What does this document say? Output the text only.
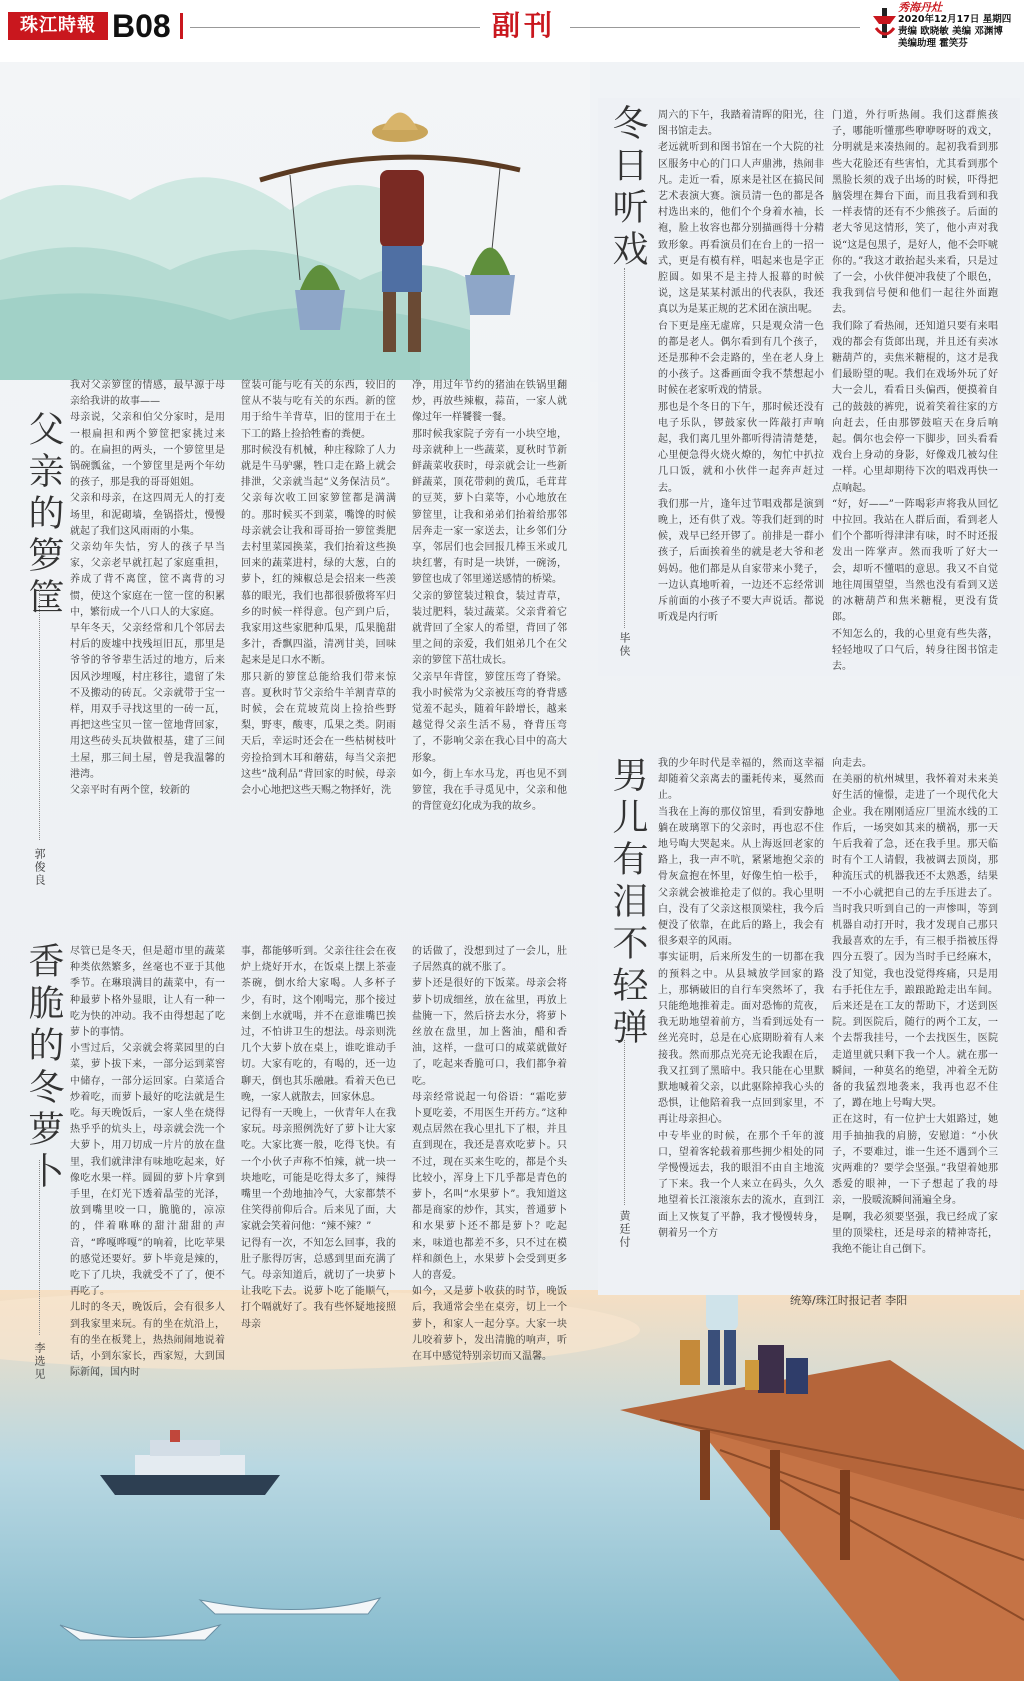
珠江時報 B08	副刊
秀海丹灶
2020年12月17日 星期四
责编 欧晓敏 美编 邓渊博
美编助理 霍笑芬
冬日听戏
毕侠
周六的下午，我踏着清晖的阳光，往图书馆走去。
老远就听到和图书馆在一个大院的社区服务中心的门口人声鼎沸，热闹非凡。走近一看，原来是社区在搞民间艺术表演大赛。演员清一色的都是各村选出来的，他们个个身着水袖，长袍，脸上妆容也都分别描画得十分精致形象。再看演员们在台上的一招一式，更是有模有样，唱起来也是字正腔圆。如果不是主持人报幕的时候说，这是某某村派出的代表队，我还真以为是某正规的艺术团在演出呢。
台下更是座无虚席，只是观众清一色的都是老人。偶尔看到有几个孩子，还是那种不会走路的，坐在老人身上的小孩子。这番画面令我不禁想起小时候在老家听戏的情景。
那也是个冬日的下午，那时候还没有电子乐队，锣鼓家伙一阵敲打声响起，我们离几里外都听得清清楚楚，心里便急得火烧火燎的，匆忙中扒拉几口饭，就和小伙伴一起奔声赶过去。
我们那一片，逢年过节唱戏都是演到晚上，还有供了戏。等我们赶到的时候，戏早已经开锣了。前排是一群小孩子，后面挨着坐的就是老大爷和老妈妈。他们都是从自家带来小凳子，一边认真地听着，一边还不忘经常训斥前面的小孩子不要大声说话。都说听戏是内行听
门道，外行听热闹。我们这群熊孩子，哪能听懂那些咿咿呀呀的戏文，分明就是来凑热闹的。起初我看到那些大花脸还有些害怕，尤其看到那个黑脸长须的戏子出场的时候，吓得把脑袋埋在舞台下面，而且我看到和我一样表情的还有不少熊孩子。后面的老大爷见这情形，笑了，他小声对我说“这是包黑子，是好人，他不会吓唬你的。”我这才敢抬起头来看，只是过了一会，小伙伴便冲我使了个眼色，我我到信号便和他们一起往外面跑去。
我们除了看热闹，还知道只要有来唱戏的都会有货郎出现，并且还有卖冰糖葫芦的，卖焦米糖棍的，这才是我们最盼望的呢。我们在戏场外玩了好大一会儿，看看日头偏西，便摸着自己的鼓鼓的裤兜，说着笑着往家的方向赶去，任由那锣鼓喧天在身后响起。偶尔也会停一下脚步，回头看看戏台上身动的身影，好像戏几被勾住一样。心里却期待下次的唱戏再快一点响起。
“好，好——”一阵喝彩声将我从回忆中拉回。我站在人群后面，看到老人们个个都听得津津有味，时不时还报发出一阵掌声。然而我听了好大一会，却听不懂唱的意思。我又不自觉地往周围望望，当然也没有看到又送的冰糖葫芦和焦米糖棍，更没有货郎。
不知怎么的，我的心里竟有些失落，轻轻地叹了口气后，转身往图书馆走去。
父亲的箩筐
郭俊良
我对父亲箩筐的情感，最早源于母亲给我讲的故事——
母亲说，父亲和伯父分家时，是用一根扁担和两个箩筐把家挑过来的。在扁担的两头，一个箩筐里是锅碗瓢盆，一个箩筐里是两个年幼的孩子，那是我的哥哥姐姐。
父亲和母亲，在这四周无人的打麦场里，和泥砌墙，垒锅搭灶，慢慢就起了我们这风雨雨的小集。
父亲幼年失怙，穷人的孩子早当家，父亲老早就扛起了家庭重担，养成了背不离筐，筐不离背的习惯，使这个家庭在一筐一筐的积累中，繁衍成一个八口人的大家庭。
早年冬天，父亲经常和几个邻居去村后的废墟中找残垣旧瓦，那里是爷爷的爷爷辈生活过的地方，后来因风沙埋嘎，村庄移往，遗留了朱不及搬动的砖瓦。父亲就带于宝一样，用双手寻找这里的一砖一瓦，再把这些宝贝一筐一筐地背回家，用这些砖头瓦块做根基，建了三间土屋，那三间土屋，曾是我温馨的港湾。
父亲平时有两个筐，较新的
筐装可能与吃有关的东西，较旧的筐从不装与吃有关的东西。新的筐用于给牛羊背草，旧的筐用于在土下工的路上捡拾牲畜的粪便。
那时候没有机械，种庄稼除了人力就是牛马驴骡，牲口走在路上就会排泄，父亲就当起“义务保洁员”。父亲每次收工回家箩筐都是满满的。那时候买不到菜，嘴馋的时候母亲就会让我和哥哥抬一箩筐粪肥去村里菜园换菜，我们抬着这些换回来的蔬菜进村，绿的大葱，白的萝卜，红的辣椒总是会招来一些羡慕的眼光，我们也都很骄傲将军归乡的时候一样得意。包产到户后，我家用这些家肥种瓜果，瓜果脆甜多汁，香飘四溢，清冽甘美，回味起来是足口水不断。
那只新的箩筐总能给我们带来惊喜。夏秋时节父亲给牛羊割青草的时候，会在荒坡荒岗上捡拾些野梨，野枣，酸枣，瓜果之类。阴雨天后，幸运时还会在一些枯树枝叶旁捡拾到木耳和蘑菇，每当父亲把这些“战利品”背回家的时候，母亲会小心地把这些天赐之物择好，洗
净，用过年节约的猪油在铁锅里翻炒，再放些辣椒，蒜苗，一家人就像过年一样饕餮一餐。
那时候我家院子旁有一小块空地，母亲就种上一些蔬菜，夏秋时节新鲜蔬菜收获时，母亲就会让一些新鲜蔬菜，顶花带刺的黄瓜，毛茸茸的豆荚，萝卜白菜等，小心地放在箩筐里，让我和弟弟们抬着给那邻居奔走一家一家送去，让乡邻们分享，邻居们也会回报几棒玉米或几块红薯，有时是一块饼，一碗汤，箩筐也成了邻里递送感情的桥梁。
父亲的箩筐装过粮食，装过青草，装过肥料，装过蔬菜。父亲背着它就背回了全家人的希望，背回了邻里之间的亲爱，我们姐弟几个在父亲的箩筐下茁壮成长。
父亲早年背筐，箩筐压弯了脊梁。我小时候常为父亲被压弯的脊背感觉羞不起头，随着年龄增长，越来越觉得父亲生活不易，脊背压弯了，不影响父亲在我心目中的高大形象。
如今，街上车水马龙，再也见不到箩筐，我在手寻觅见中，父亲和他的背筐竟幻化成为我的故乡。
香脆的冬萝卜
李选见
尽管已是冬天，但是超市里的蔬菜种类依然繁多，丝毫也不亚于其他季节。在琳琅满目的蔬菜中，有一种最萝卜格外显眼，让人有一种一吃为快的冲动。我不由得想起了吃萝卜的事情。
小雪过后，父亲就会将菜园里的白菜，萝卜拔下来，一部分运到菜窖中储存，一部分运回家。白菜适合炒着吃，而萝卜最好的吃法就是生吃。每天晚饭后，一家人坐在烧得热乎乎的炕头上，母亲就会洗一个大萝卜，用刀切成一片片的放在盘里，我们就津津有味地吃起来，好像吃水果一样。圆圆的萝卜片拿到手里，在灯光下透着晶莹的光泽，放到嘴里咬一口，脆脆的，凉凉的，伴着咻咻的甜汁甜甜的声音，“哗嘎哗嘎”的响着，比吃苹果的感觉还要好。萝卜毕竟是辣的，吃下了几块，我就受不了了，便不再吃了。
儿时的冬天，晚饭后，会有很多人到我家里来玩。有的坐在炕沿上，有的坐在板凳上，热热闹闹地说着话，小到东家长，西家短，大到国际新闻，国内时
事，都能够听到。父亲往往会在夜炉上烧好开水，在饭桌上摆上茶壶茶碗，倒水给大家喝。人多杯子少，有时，这个刚喝完，那个接过来倒上水就喝，并不在意谁嘴巴挨过，不怕讲卫生的想法。母亲则洗几个大萝卜放在桌上，谁吃谁动手切。大家有吃的，有喝的，还一边聊天，倒也其乐融融。看着天色已晚，一家人就散去，回家休息。
记得有一天晚上，一伙青年人在我家玩。母亲照例洗好了萝卜让大家吃。大家比赛一般，吃得飞快。有一个小伙子声称不怕辣，就一块一块地吃，可能是吃得太多了，辣得嘴里一个劲地抽冷气，大家都禁不住笑得前仰后合。后来见了面，大家就会笑着问他：“辣不辣？”
记得有一次，不知怎么回事，我的肚子胀得厉害，总感到里面充满了气。母亲知道后，就切了一块萝卜让我吃下去。说萝卜吃了能顺气，打个嗝就好了。我有些怀疑地接照母亲
的话做了，没想到过了一会儿，肚子居然真的就不胀了。
萝卜还是很好的下饭菜。母亲会将萝卜切成细丝，放在盆里，再放上盐腌一下，然后挤去水分，将萝卜丝放在盘里，加上酱油，醋和香油，这样，一盘可口的咸菜就做好了，吃起来香脆可口，我们都争着吃。
母亲经常说起一句俗语：“霜吃萝卜夏吃姜，不用医生开药方。”这种观点居然在我心里扎下了根，并且直到现在，我还是喜欢吃萝卜。只不过，现在买来生吃的，都是个头比较小，浑身上下几乎都是青色的萝卜，名叫“水果萝卜”。我知道这都是商家的炒作，其实，普通萝卜和水果萝卜还不都是萝卜？吃起来，味道也都差不多，只不过在模样和颜色上，水果萝卜会受到更多人的喜爱。
如今，又是萝卜收获的时节，晚饭后，我通常会坐在桌旁，切上一个萝卜，和家人一起分享。大家一块儿咬着萝卜，发出清脆的响声，听在耳中感觉特别亲切而又温馨。
男儿有泪不轻弹
黄廷付
我的少年时代是幸福的，然而这幸福却随着父亲离去的噩耗传来，戛然而止。
当我在上海的那仪馆里，看到安静地躺在玻璃罩下的父亲时，再也忍不住地号啕大哭起来。从上海返回老家的路上，我一声不吭，紧紧地抱父亲的骨灰盒抱在怀里，好像生怕一松手，父亲就会被谁抢走了似的。我心里明白，没有了父亲这根顶梁柱，我今后便没了依靠，在此后的路上，我会有很多艰辛的风雨。
事实证明，后来所发生的一切都在我的预料之中。从县城放学回家的路上，那辆破旧的自行车突然坏了，我只能绝地推着走。面对恐怖的荒夜，我无助地望着前方，当看到远处有一丝光亮时，总是在心底期盼着有人来接我。然而那点光亮无论我跟在后，我又扛到了黑暗中。我只能在心里默默地喊着父亲，以此驱除掉我心头的恐惧，让他陪着我一点回到家里，不再让母亲担心。
中专毕业的时候，在那个千年的渡口，望着客轮载着那些拥少相处的同学慢慢远去，我的眼泪不由自主地流了下来。我一个人来立在码头，久久地望着长江滚滚东去的流水，直到江面上又恢复了平静，我才慢慢转身，朝着另一个方
向走去。
在美丽的杭州城里，我怀着对未来美好生活的憧憬，走进了一个现代化大企业。我在刚刚适应厂里流水线的工作后，一场突如其来的横祸，那一天午后我着了急，还在我手里。那天临时有个工人请假，我被调去顶岗，那种流压式的机器我还不太熟悉，结果一不小心就把自己的左手压进去了。当时我只听到自己的一声惨叫，等到机器自动打开时，我才发现自己那只我最喜欢的左手，有三根手指被压得四分五裂了。因为当时手已经麻木，没了知觉，我也没觉得疼痛，只是用右手托住左手，踉踉跄跄走出车间。后来还是在工友的帮助下，才送到医院。到医院后，随行的两个工友，一个去帮我挂号，一个去找医生，医院走道里就只剩下我一个人。就在那一瞬间，一种莫名的绝望，冲着全无防备的我猛烈地袭来，我再也忍不住了，蹲在地上号啕大哭。
正在这时，有一位护士大姐路过，她用手抽抽我的肩膀，安慰道：“小伙子，不要难过，谁一生还不遇到个三灾两难的？要学会坚强。”我望着她那悉爱的眼神，一下子想起了我的母亲，一股暖流瞬间涌遍全身。
是啊，我必须要坚强，我已经成了家里的顶梁柱，还是母亲的精神寄托，我绝不能让自己倒下。
统筹/珠江时报记者 李阳
